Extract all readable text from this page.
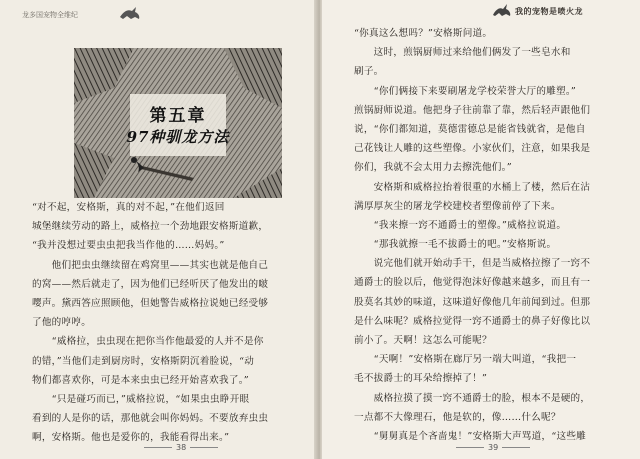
龙多国宠物全维纪
第五章
97种驯龙方法
“对不起，安格斯，真的对不起，”在他们返回
城堡继续劳动的路上，威格拉一个劲地跟安格斯道歉，
“我并没想过要虫虫把我当作他的……妈妈。”
　　他们把虫虫继续留在鸡窝里——其实也就是他自己
的窝——然后就走了，因为他们已经听厌了他发出的啵
嘤声。黛西答应照顾他，但她警告威格拉说她已经受够
了他的哼哼。
　　“威格拉，虫虫现在把你当作他最爱的人并不是你
的错，”当他们走到厨房时，安格斯阴沉着脸说，“动
物们都喜欢你，可是本来虫虫已经开始喜欢我了。”
　　“只是碰巧而已，”威格拉说，“如果虫虫睁开眼
看到的人是你的话，那他就会叫你妈妈。不要放弃虫虫
啊，安格斯。他也是爱你的，我能看得出来。”
38
“你真这么想吗？”安格斯问道。
　　这时，煎锅厨师过来给他们俩发了一些皂水和
刷子。
　　“你们俩接下来要刷屠龙学校荣誉大厅的雕塑。”
煎锅厨师说道。他把身子往前靠了靠，然后轻声跟他们
说，“你们都知道，莫德雷德总是能省钱就省，是他自
己花钱让人雕的这些塑像。小家伙们，注意，如果我是
你们，我就不会太用力去擦洗他们。”
　　安格斯和威格拉抬着很重的水桶上了楼，然后在沾
满厚厚灰尘的屠龙学校建校者塑像前停了下来。
　　“我来擦一窍不通爵士的塑像。”威格拉说道。
　　“那我就擦一毛不拔爵士的吧。”安格斯说。
　　说完他们就开始动手干，但是当威格拉擦了一窍不
通爵士的脸以后，他觉得泡沫好像越来越多，而且有一
股莫名其妙的味道，这味道好像他几年前闻到过。但那
是什么味呢？威格拉觉得一窍不通爵士的鼻子好像比以
前小了。天啊！这怎么可能呢？
　　“天啊！”安格斯在廊厅另一端大叫道，“我把一
毛不拔爵士的耳朵给擦掉了！”
　　威格拉摸了摸一窍不通爵士的脸，根本不是硬的，
一点都不大像理石，他是软的，像……什么呢？
　　“舅舅真是个吝啬鬼！”安格斯大声骂道，“这些雕
39
我的宠物是喷火龙
